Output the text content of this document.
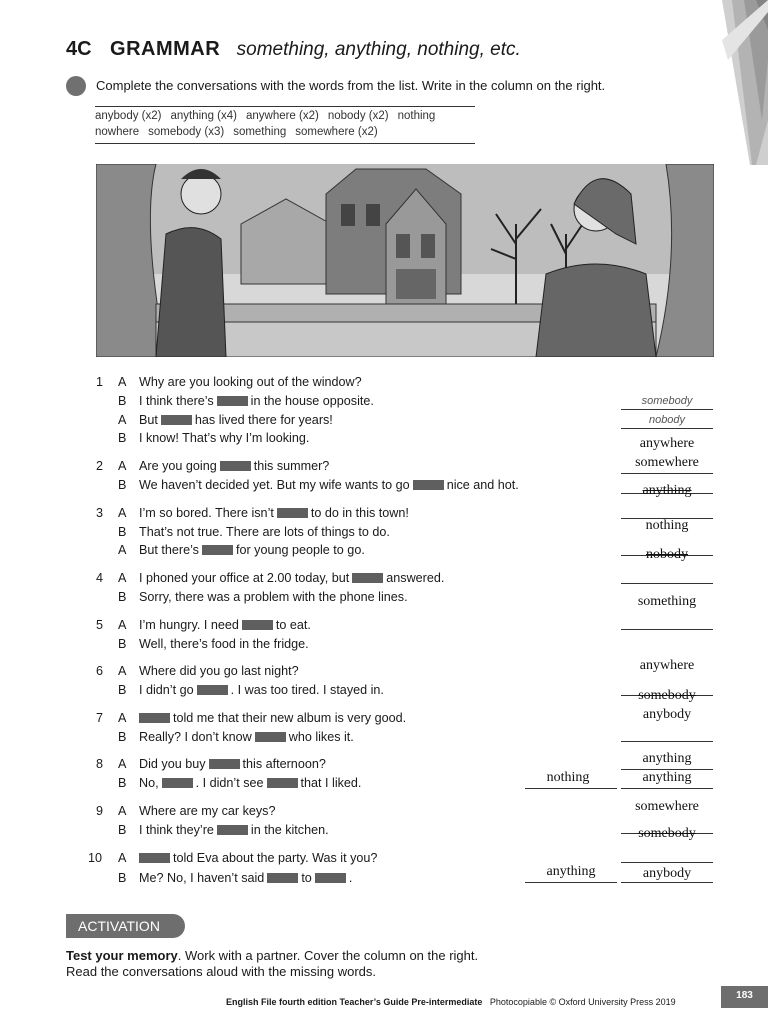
4C GRAMMAR something, anything, nothing, etc.
Complete the conversations with the words from the list. Write in the column on the right.
anybody (x2) anything (x4) anywhere (x2) nobody (x2) nothing
nowhere somebody (x3) something somewhere (x2)
1 A Why are you looking out of the window?
B I think there’s	in the house opposite.
A But	has lived there for years!
B I know! That’s why I’m looking.
2 A Are you going	this summer?
B We haven’t decided yet. But my wife wants to go	nice and hot.
3 A I’m so bored. There isn’t	to do in this town!
B That’s not true. There are lots of things to do.
A But there’s	for young people to go.
4 A I phoned your office at 2.00 today, but	answered.
B Sorry, there was a problem with the phone lines.
5 A I’m hungry. I need	to eat.
B Well, there’s food in the fridge.
6 A Where did you go last night?
B I didn’t go	. I was too tired. I stayed in.
7 A	told me that their new album is very good.
B Really? I don’t know	who likes it.
8 A Did you buy	this afternoon?
B No,	. I didn’t see	that I liked.
9 A Where are my car keys?
B I think they’re	in the kitchen.
10 A	told Eva about the party. Was it you?
B Me? No, I haven’t said	to	.
somebody
nobody
anywhere
somewhere
anything
nothing
nobody
something
anywhere
somebody
anybody
anything
anything
somewhere
somebody
anybody
nothing
anything
ACTIVATION
Test your memory. Work with a partner. Cover the column on the right.
Read the conversations aloud with the missing words.
English File fourth edition Teacher’s Guide Pre-intermediate Photocopiable © Oxford University Press 2019
183
